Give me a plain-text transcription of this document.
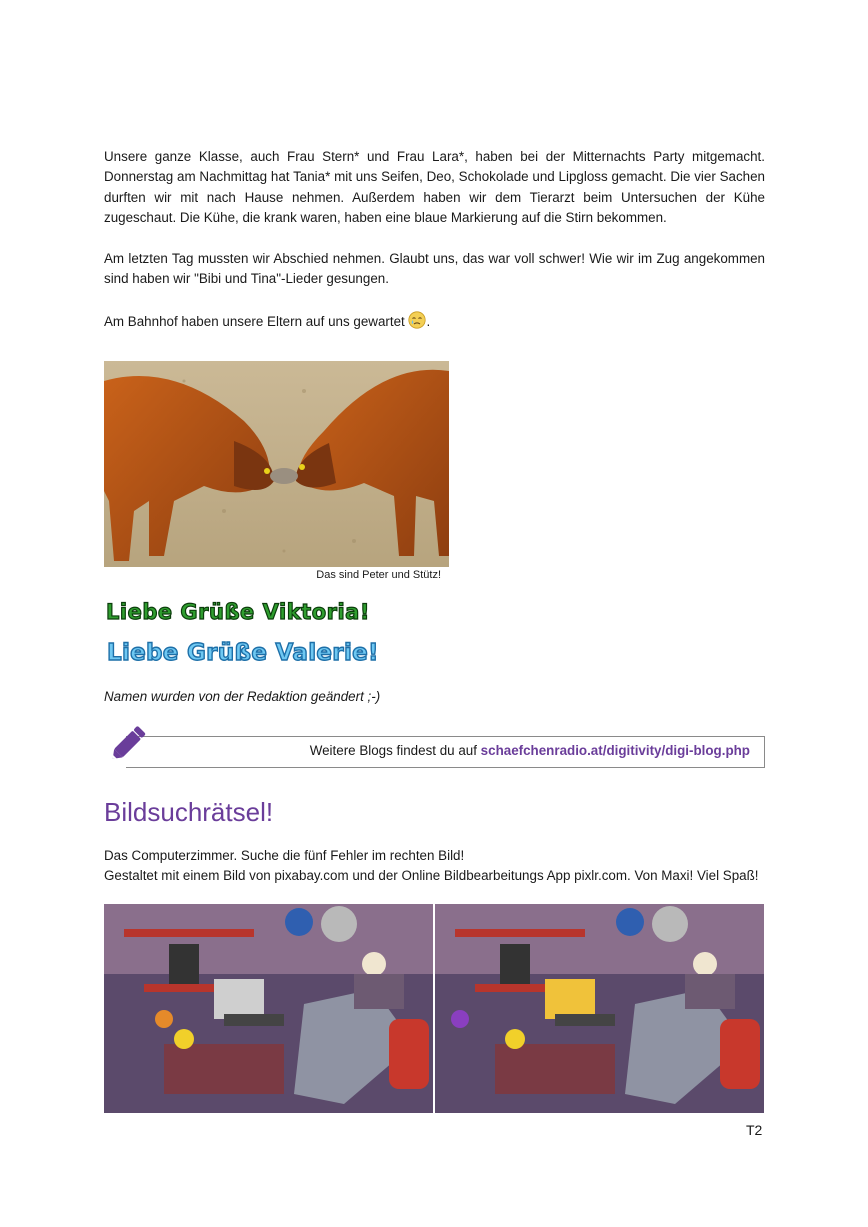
Unsere ganze Klasse, auch Frau Stern* und Frau Lara*, haben bei der Mitternachts Party mitgemacht. Donnerstag am Nachmittag hat Tania* mit uns Seifen, Deo, Schokolade und Lipgloss gemacht. Die vier Sachen durften wir mit nach Hause nehmen. Außerdem haben wir dem Tierarzt beim Untersuchen der Kühe zugeschaut. Die Kühe, die krank waren, haben eine blaue Markierung auf die Stirn bekommen.

Am letzten Tag mussten wir Abschied nehmen. Glaubt uns, das war voll schwer! Wie wir im Zug angekommen sind haben wir "Bibi und Tina"-Lieder gesungen.

Am Bahnhof haben unsere Eltern auf uns gewartet .

Das sind Peter und Stütz!
Liebe Grüße Viktoria!
Liebe Grüße Valerie!
Namen wurden von der Redaktion geändert ;-)
Weitere Blogs findest du auf schaefchenradio.at/digitivity/digi-blog.php
Bildsuchrätsel!

Das Computerzimmer. Suche die fünf Fehler im rechten Bild!

Gestaltet mit einem Bild von pixabay.com und der Online Bildbearbeitungs App pixlr.com. Von Maxi! Viel Spaß!

T2
